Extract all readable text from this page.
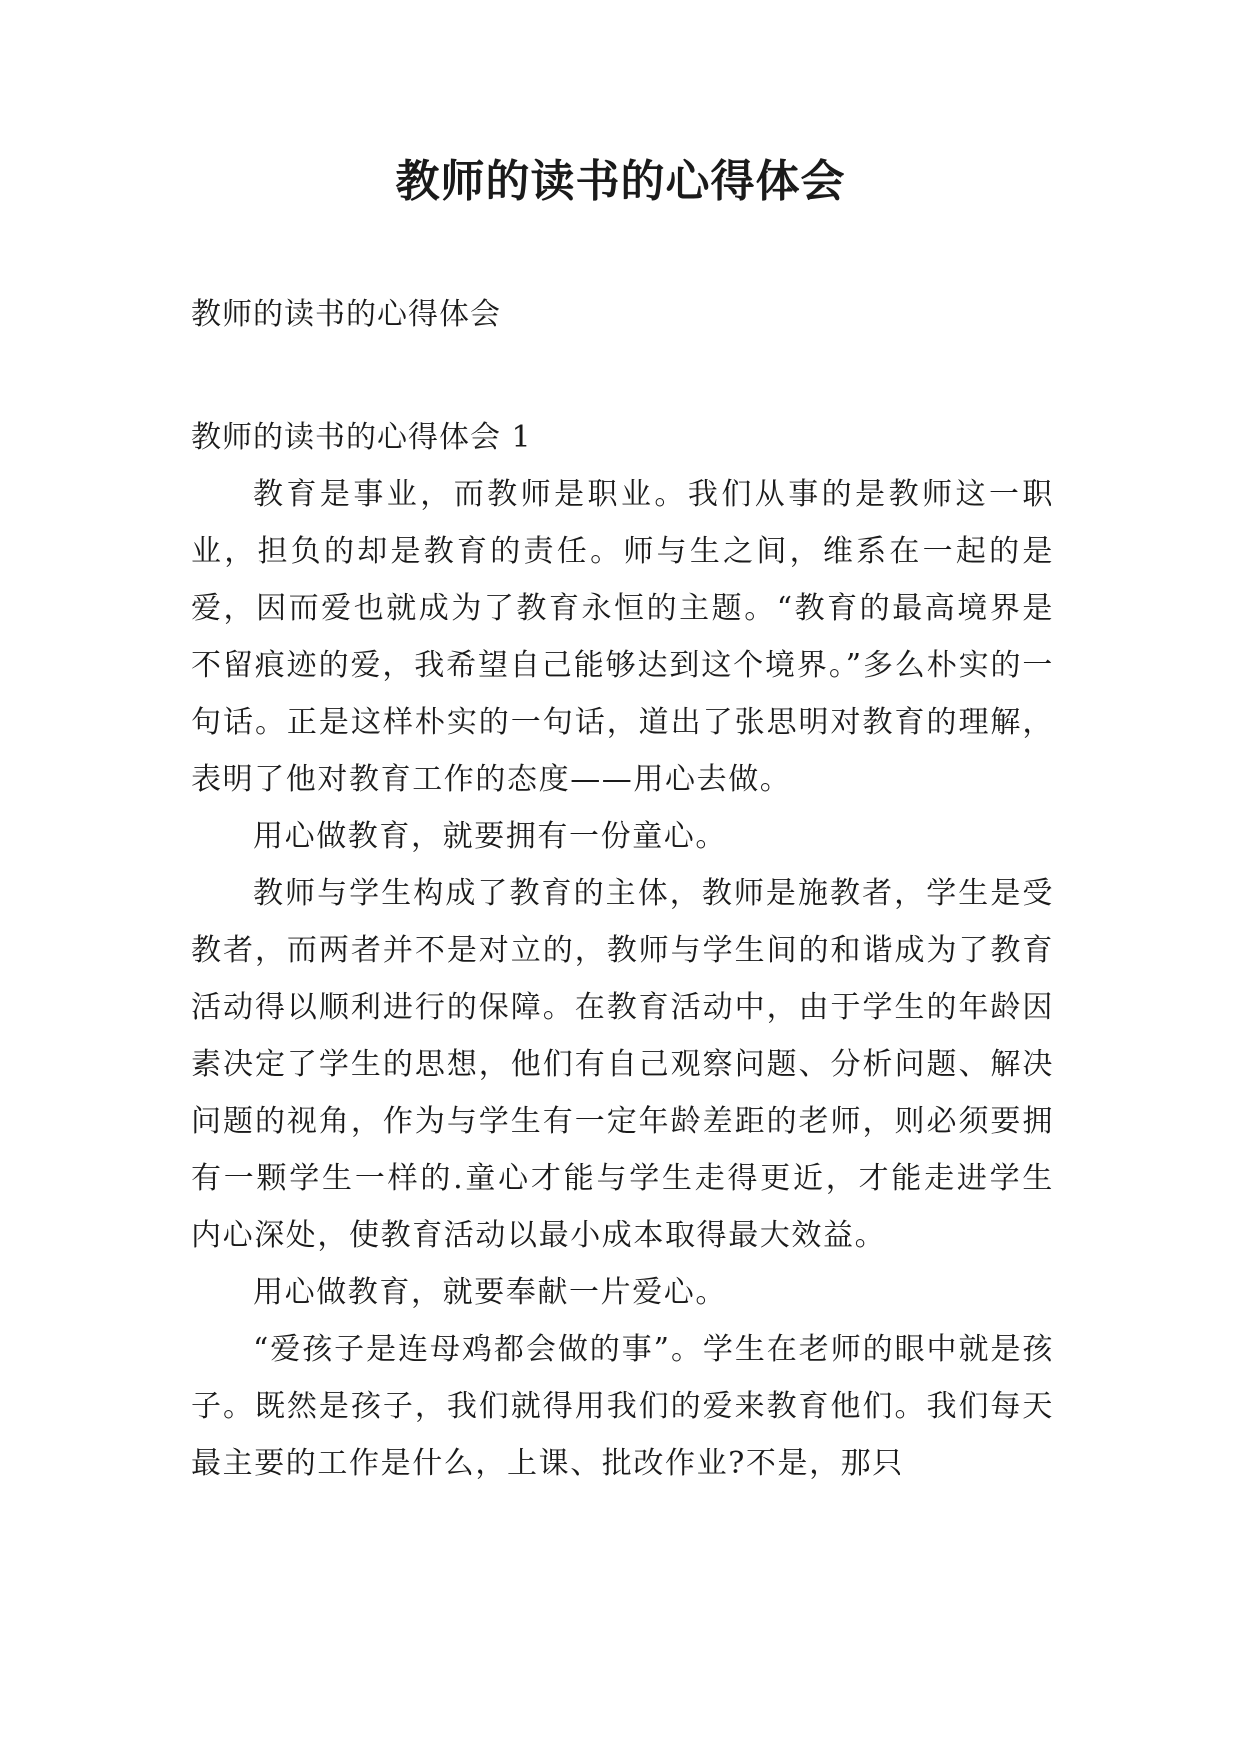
教师的读书的心得体会

教师的读书的心得体会

教师的读书的心得体会 1

教育是事业，而教师是职业。我们从事的是教师这一职业，担负的却是教育的责任。师与生之间，维系在一起的是爱，因而爱也就成为了教育永恒的主题。“教育的最高境界是不留痕迹的爱，我希望自己能够达到这个境界。”多么朴实的一句话。正是这样朴实的一句话，道出了张思明对教育的理解，表明了他对教育工作的态度——用心去做。

用心做教育，就要拥有一份童心。

教师与学生构成了教育的主体，教师是施教者，学生是受教者，而两者并不是对立的，教师与学生间的和谐成为了教育活动得以顺利进行的保障。在教育活动中，由于学生的年龄因素决定了学生的思想，他们有自己观察问题、分析问题、解决问题的视角，作为与学生有一定年龄差距的老师，则必须要拥有一颗学生一样的.童心才能与学生走得更近，才能走进学生内心深处，使教育活动以最小成本取得最大效益。

用心做教育，就要奉献一片爱心。

“爱孩子是连母鸡都会做的事”。学生在老师的眼中就是孩子。既然是孩子，我们就得用我们的爱来教育他们。我们每天最主要的工作是什么，上课、批改作业?不是，那只
